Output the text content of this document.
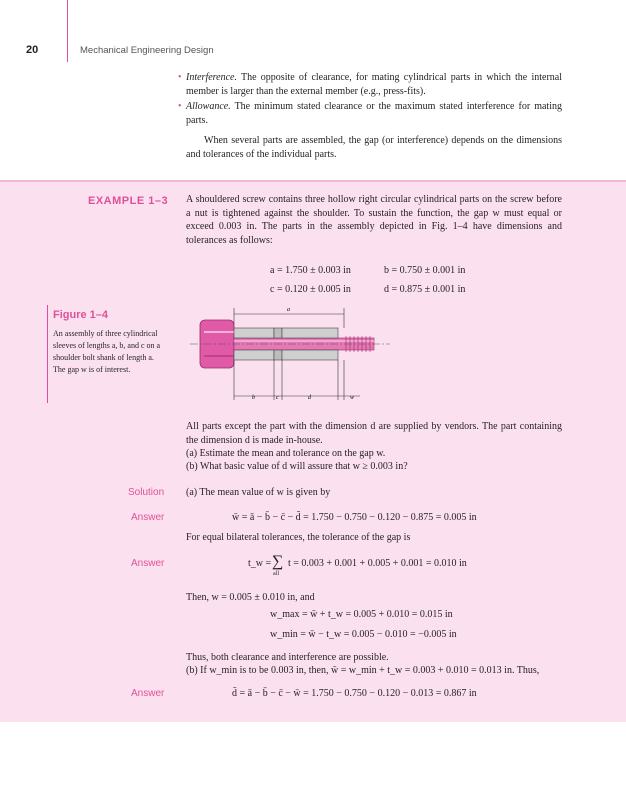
20	Mechanical Engineering Design
• Interference. The opposite of clearance, for mating cylindrical parts in which the internal member is larger than the external member (e.g., press-fits).
• Allowance. The minimum stated clearance or the maximum stated interference for mating parts.
When several parts are assembled, the gap (or interference) depends on the dimensions and tolerances of the individual parts.
EXAMPLE 1–3 A shouldered screw contains three hollow right circular cylindrical parts on the screw before a nut is tightened against the shoulder. To sustain the function, the gap w must equal or exceed 0.003 in. The parts in the assembly depicted in Fig. 1–4 have dimensions and tolerances as follows:
a = 1.750 ± 0.003 in	b = 0.750 ± 0.001 in
c = 0.120 ± 0.005 in	d = 0.875 ± 0.001 in
Figure 1–4
An assembly of three cylindrical sleeves of lengths a, b, and c on a shoulder bolt shank of length a. The gap w is of interest.
a
b	c	d	w
All parts except the part with the dimension d are supplied by vendors. The part containing the dimension d is made in-house.
(a) Estimate the mean and tolerance on the gap w.
(b) What basic value of d will assure that w ≥ 0.003 in?
Solution (a) The mean value of w is given by
Answer	w̄ = ā − b̄ − c̄ − d̄ = 1.750 − 0.750 − 0.120 − 0.875 = 0.005 in
For equal bilateral tolerances, the tolerance of the gap is
Answer	t_w = ∑
all
t = 0.003 + 0.001 + 0.005 + 0.001 = 0.010 in
Then, w = 0.005 ± 0.010 in, and
w_max = w̄ + t_w = 0.005 + 0.010 = 0.015 in
w_min = w̄ − t_w = 0.005 − 0.010 = −0.005 in
Thus, both clearance and interference are possible.
(b) If w_min is to be 0.003 in, then, w̄ = w_min + t_w = 0.003 + 0.010 = 0.013 in. Thus,
Answer	d̄ = ā − b̄ − c̄ − w̄ = 1.750 − 0.750 − 0.120 − 0.013 = 0.867 in
